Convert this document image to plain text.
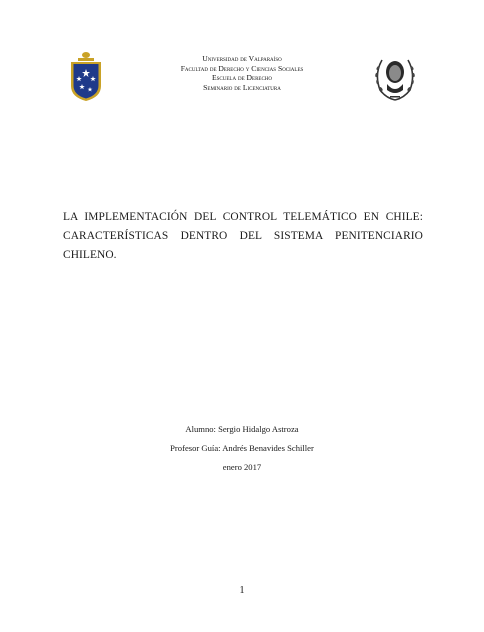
Universidad de Valparaíso
Facultad de Derecho y Ciencias Sociales
Escuela de Derecho
Seminario de Licenciatura
LA IMPLEMENTACIÓN DEL CONTROL TELEMÁTICO EN CHILE: CARACTERÍSTICAS DENTRO DEL SISTEMA PENITENCIARIO CHILENO.
Alumno: Sergio Hidalgo Astroza
Profesor Guía: Andrés Benavides Schiller
enero 2017
1
